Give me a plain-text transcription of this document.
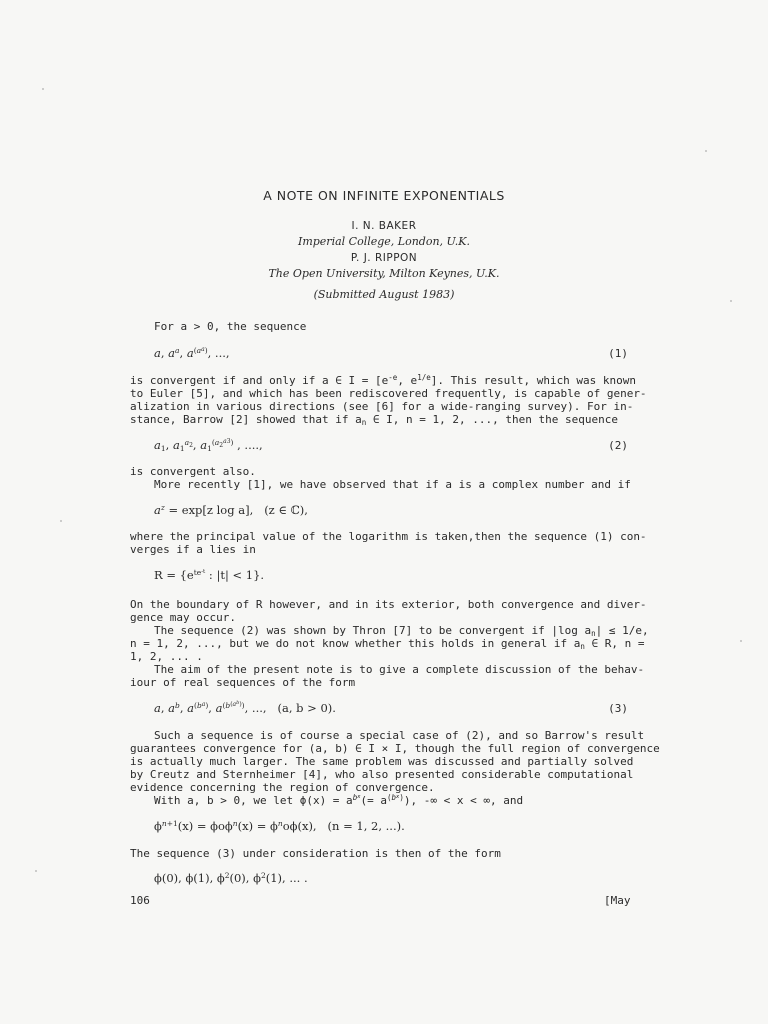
A NOTE ON INFINITE EXPONENTIALS
I. N. BAKER
Imperial College, London, U.K.
P. J. RIPPON
The Open University, Milton Keynes, U.K.
(Submitted August 1983)
For a > 0, the sequence
a, $a^a$, $a^{(a^a)}$, ...,	(1)
is convergent if and only if a ∈ $I = [e^{-e}$, $e^{1/e}$]. This result, which was known
to Euler [5], and which has been rediscovered frequently, is capable of gener-
alization in various directions (see [6] for a wide-ranging survey). For in-
stance, Barrow [2] showed that if $a_n$ ∈ I, n = 1, 2, ..., then the sequence
$a_1$, $a_1^{a_2}$, $a_1^{(a_2^{a3})}$ , ....,	(2)
is convergent also.
More recently [1], we have observed that if a is a complex number and if
$a^z = \exp[z$ log a],   (z ∈ ℂ),
where the principal value of the logarithm is taken,then the sequence (1) con-
verges if a lies in
$R = \{e^{te^{-t}}$ : |t| < 1}.
On the boundary of R however, and in its exterior, both convergence and diver-
gence may occur.
The sequence (2) was shown by Thron [7] to be convergent if |log $a_n| \le 1/e$,
n = 1, 2, ..., but we do not know whether this holds in general if $a_n$ ∈ R, n =
1, 2, ... .
The aim of the present note is to give a complete discussion of the behav-
iour of real sequences of the form
a, $a^b$, $a^{(b^a)}$, $a^{(b^{(a^b)})}$, ...,   (a, b > 0).	(3)
Such a sequence is of course a special case of (2), and so Barrow's result
guarantees convergence for (a, b) ∈ I × I, though the full region of convergence
is actually much larger. The same problem was discussed and partially solved
by Creutz and Sternheimer [4], who also presented considerable computational
evidence concerning the region of convergence.
With a, b > 0, we let $\phi(x) = a^{b^x}(= a^{(b^x)})$, -∞ < x < ∞, and
$\phi^{n+1}(x) = \phi o\phi^n(x) = \phi^no\phi(x)$,   (n = 1, 2, ...).
The sequence (3) under consideration is then of the form
ϕ(0), ϕ(1), $\phi^2(0)$, $\phi^2(1)$, ... .
106	[May
